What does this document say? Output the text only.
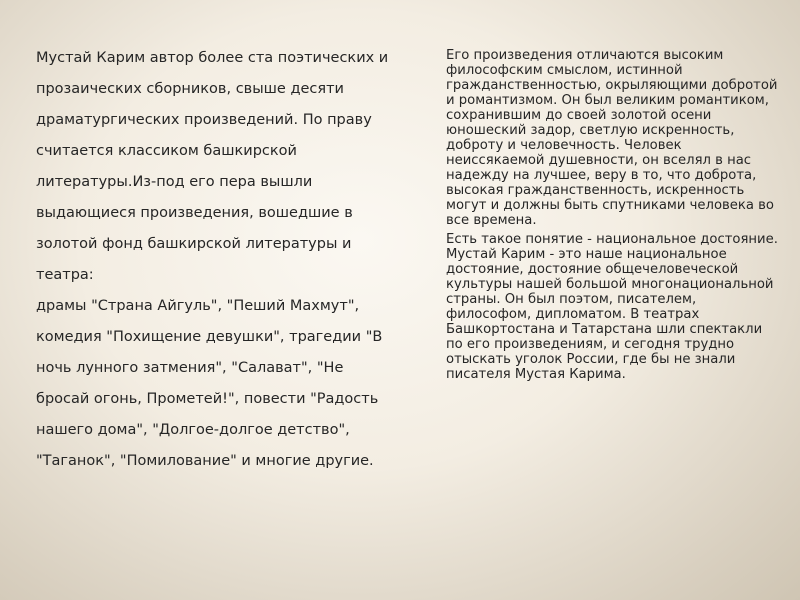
Мустай Карим автор более ста поэтических и

прозаических сборников, свыше десяти

драматургических произведений. По праву

считается классиком башкирской

литературы.Из-под его пера вышли

выдающиеся произведения, вошедшие в

золотой фонд башкирской литературы и

театра:

драмы "Страна Айгуль", "Пеший Махмут",

комедия "Похищение девушки", трагедии "В

ночь лунного затмения", "Салават", "Не

бросай огонь, Прометей!", повести "Радость

нашего дома", "Долгое-долгое детство",

"Таганок", "Помилование" и многие другие.

Его произведения отличаются высоким философским смыслом, истинной гражданственностью, окрыляющими добротой и романтизмом. Он был великим романтиком, сохранившим до своей золотой осени юношеский задор, светлую искренность, доброту и человечность. Человек неиссякаемой душевности, он вселял в нас надежду на лучшее, веру в то, что доброта, высокая гражданственность, искренность могут и должны быть спутниками человека во все времена.
Есть такое понятие - национальное достояние. Мустай Карим - это наше национальное достояние, достояние общечеловеческой культуры нашей большой многонациональной страны. Он был поэтом, писателем, философом, дипломатом. В театрах Башкортостана и Татарстана шли спектакли по его произведениям, и сегодня трудно отыскать уголок России, где бы не знали писателя Мустая Карима.
